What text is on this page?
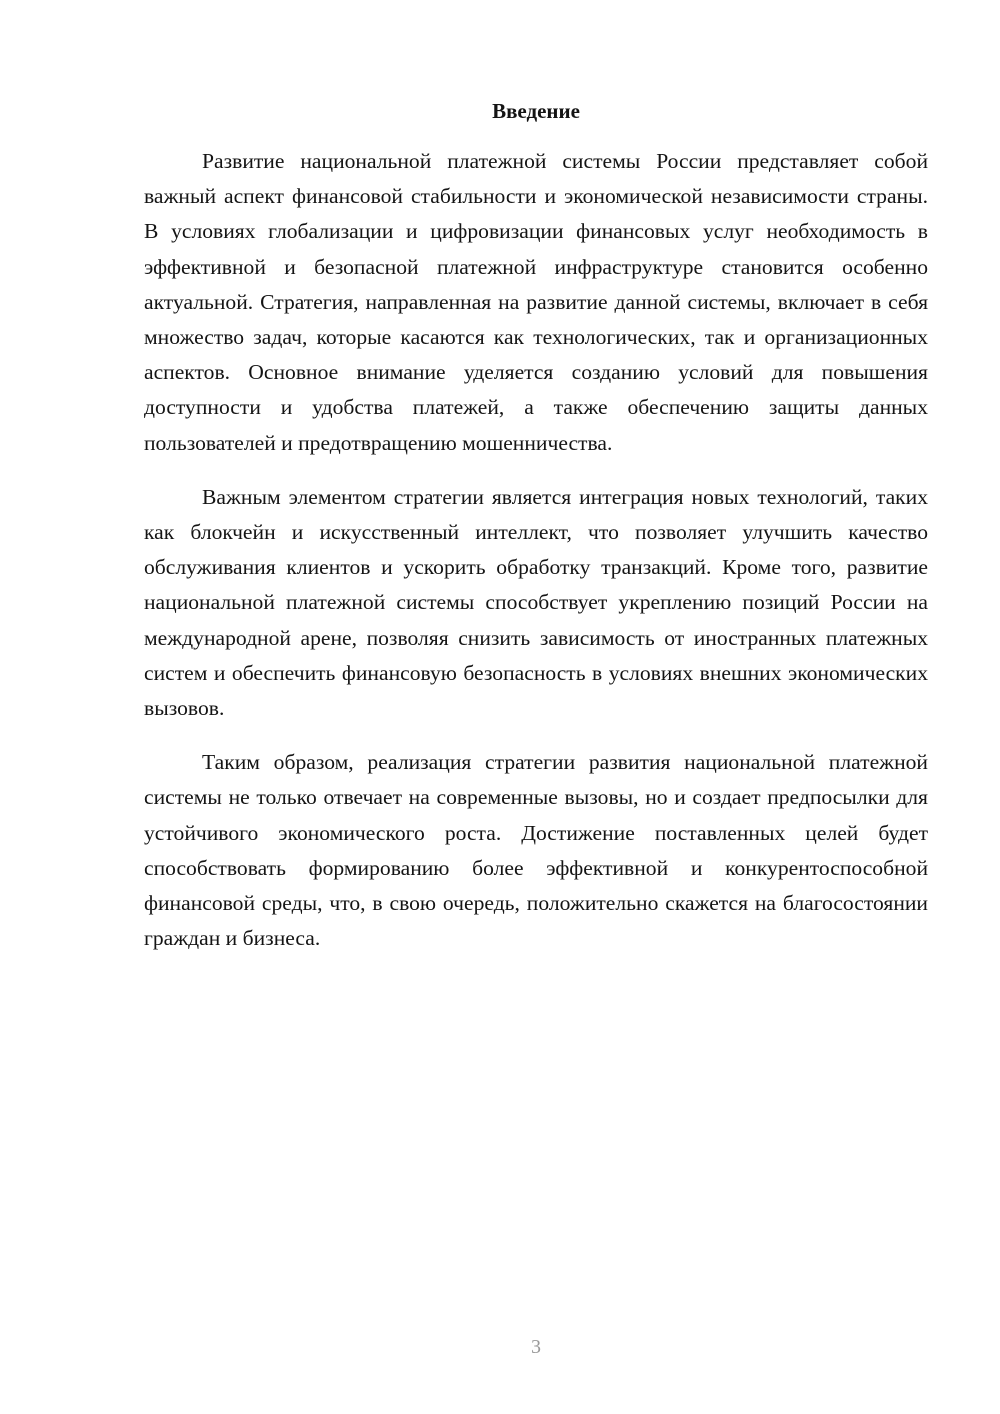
Введение

Развитие национальной платежной системы России представляет собой важный аспект финансовой стабильности и экономической независимости страны. В условиях глобализации и цифровизации финансовых услуг необходимость в эффективной и безопасной платежной инфраструктуре становится особенно актуальной. Стратегия, направленная на развитие данной системы, включает в себя множество задач, которые касаются как технологических, так и организационных аспектов. Основное внимание уделяется созданию условий для повышения доступности и удобства платежей, а также обеспечению защиты данных пользователей и предотвращению мошенничества.

Важным элементом стратегии является интеграция новых технологий, таких как блокчейн и искусственный интеллект, что позволяет улучшить качество обслуживания клиентов и ускорить обработку транзакций. Кроме того, развитие национальной платежной системы способствует укреплению позиций России на международной арене, позволяя снизить зависимость от иностранных платежных систем и обеспечить финансовую безопасность в условиях внешних экономических вызовов.

Таким образом, реализация стратегии развития национальной платежной системы не только отвечает на современные вызовы, но и создает предпосылки для устойчивого экономического роста. Достижение поставленных целей будет способствовать формированию более эффективной и конкурентоспособной финансовой среды, что, в свою очередь, положительно скажется на благосостоянии граждан и бизнеса.

3
